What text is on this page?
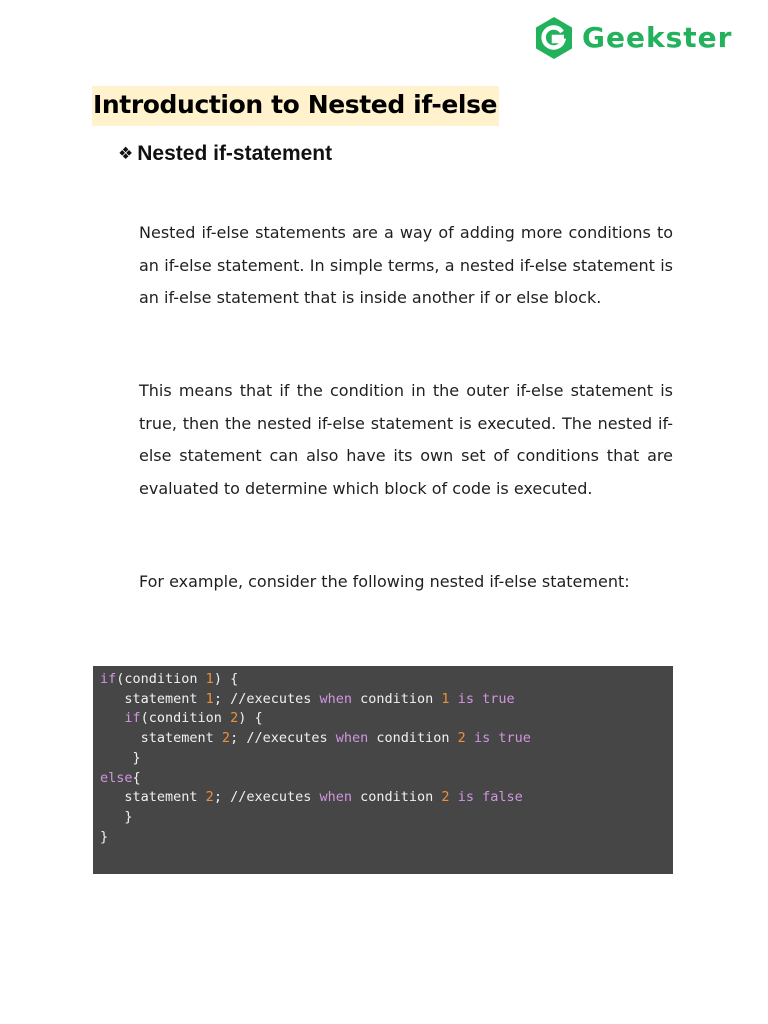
Geekster
Introduction to Nested if-else
❖ Nested if-statement

Nested if-else statements are a way of adding more conditions to an if-else statement. In simple terms, a nested if-else statement is an if-else statement that is inside another if or else block.

This means that if the condition in the outer if-else statement is true, then the nested if-else statement is executed. The nested if-else statement can also have its own set of conditions that are evaluated to determine which block of code is executed.

For example, consider the following nested if-else statement:

if(condition 1) {
statement 1; //executes when condition 1 is true
if(condition 2) {
statement 2; //executes when condition 2 is true
}
else{
statement 2; //executes when condition 2 is false
}
}
